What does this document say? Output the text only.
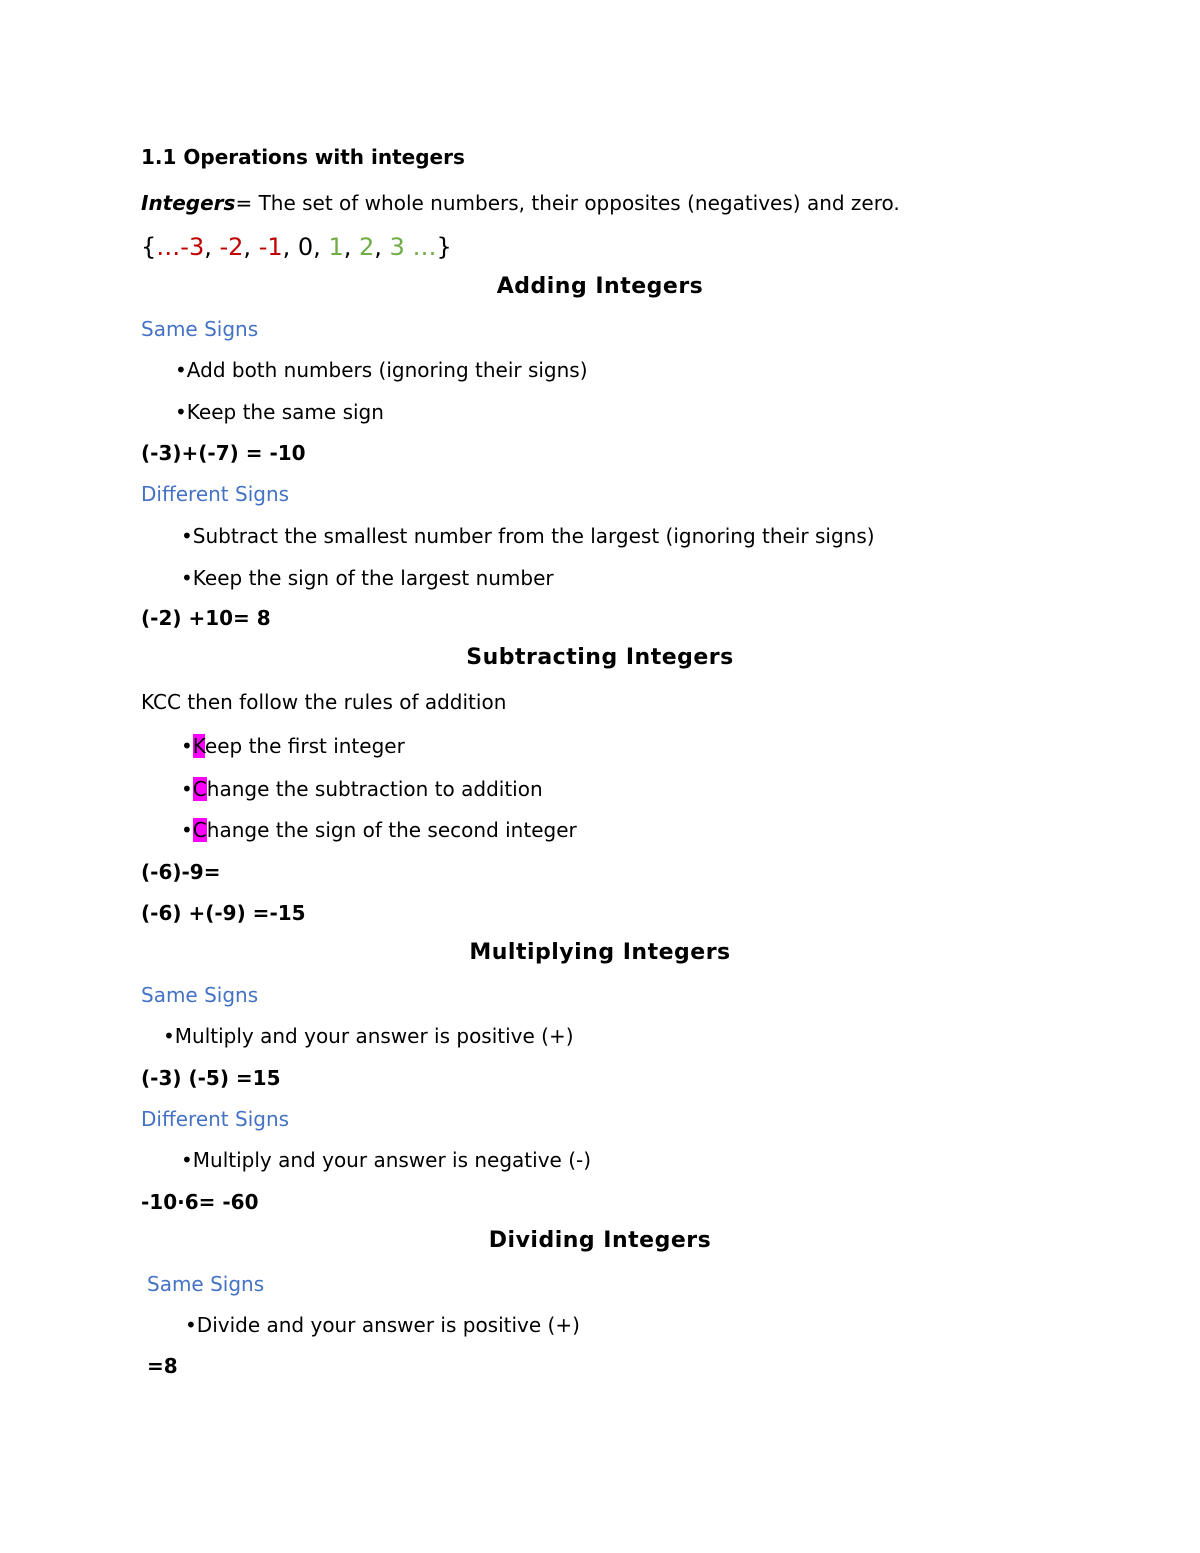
1.1 Operations with integers
Integers= The set of whole numbers, their opposites (negatives) and zero.
{…-3, -2, -1, 0, 1, 2, 3 …}
Adding Integers
Same Signs
•Add both numbers (ignoring their signs)
•Keep the same sign
(-3)+(-7) = -10
Different Signs
•Subtract the smallest number from the largest (ignoring their signs)
•Keep the sign of the largest number
(-2) +10= 8
Subtracting Integers
KCC then follow the rules of addition
•Keep the first integer
•Change the subtraction to addition
•Change the sign of the second integer
(-6)-9=
(-6) +(-9) =-15
Multiplying Integers
Same Signs
•Multiply and your answer is positive (+)
(-3) (-5) =15
Different Signs
•Multiply and your answer is negative (-)
-10·6= -60
Dividing Integers
Same Signs
•Divide and your answer is positive (+)
=8
